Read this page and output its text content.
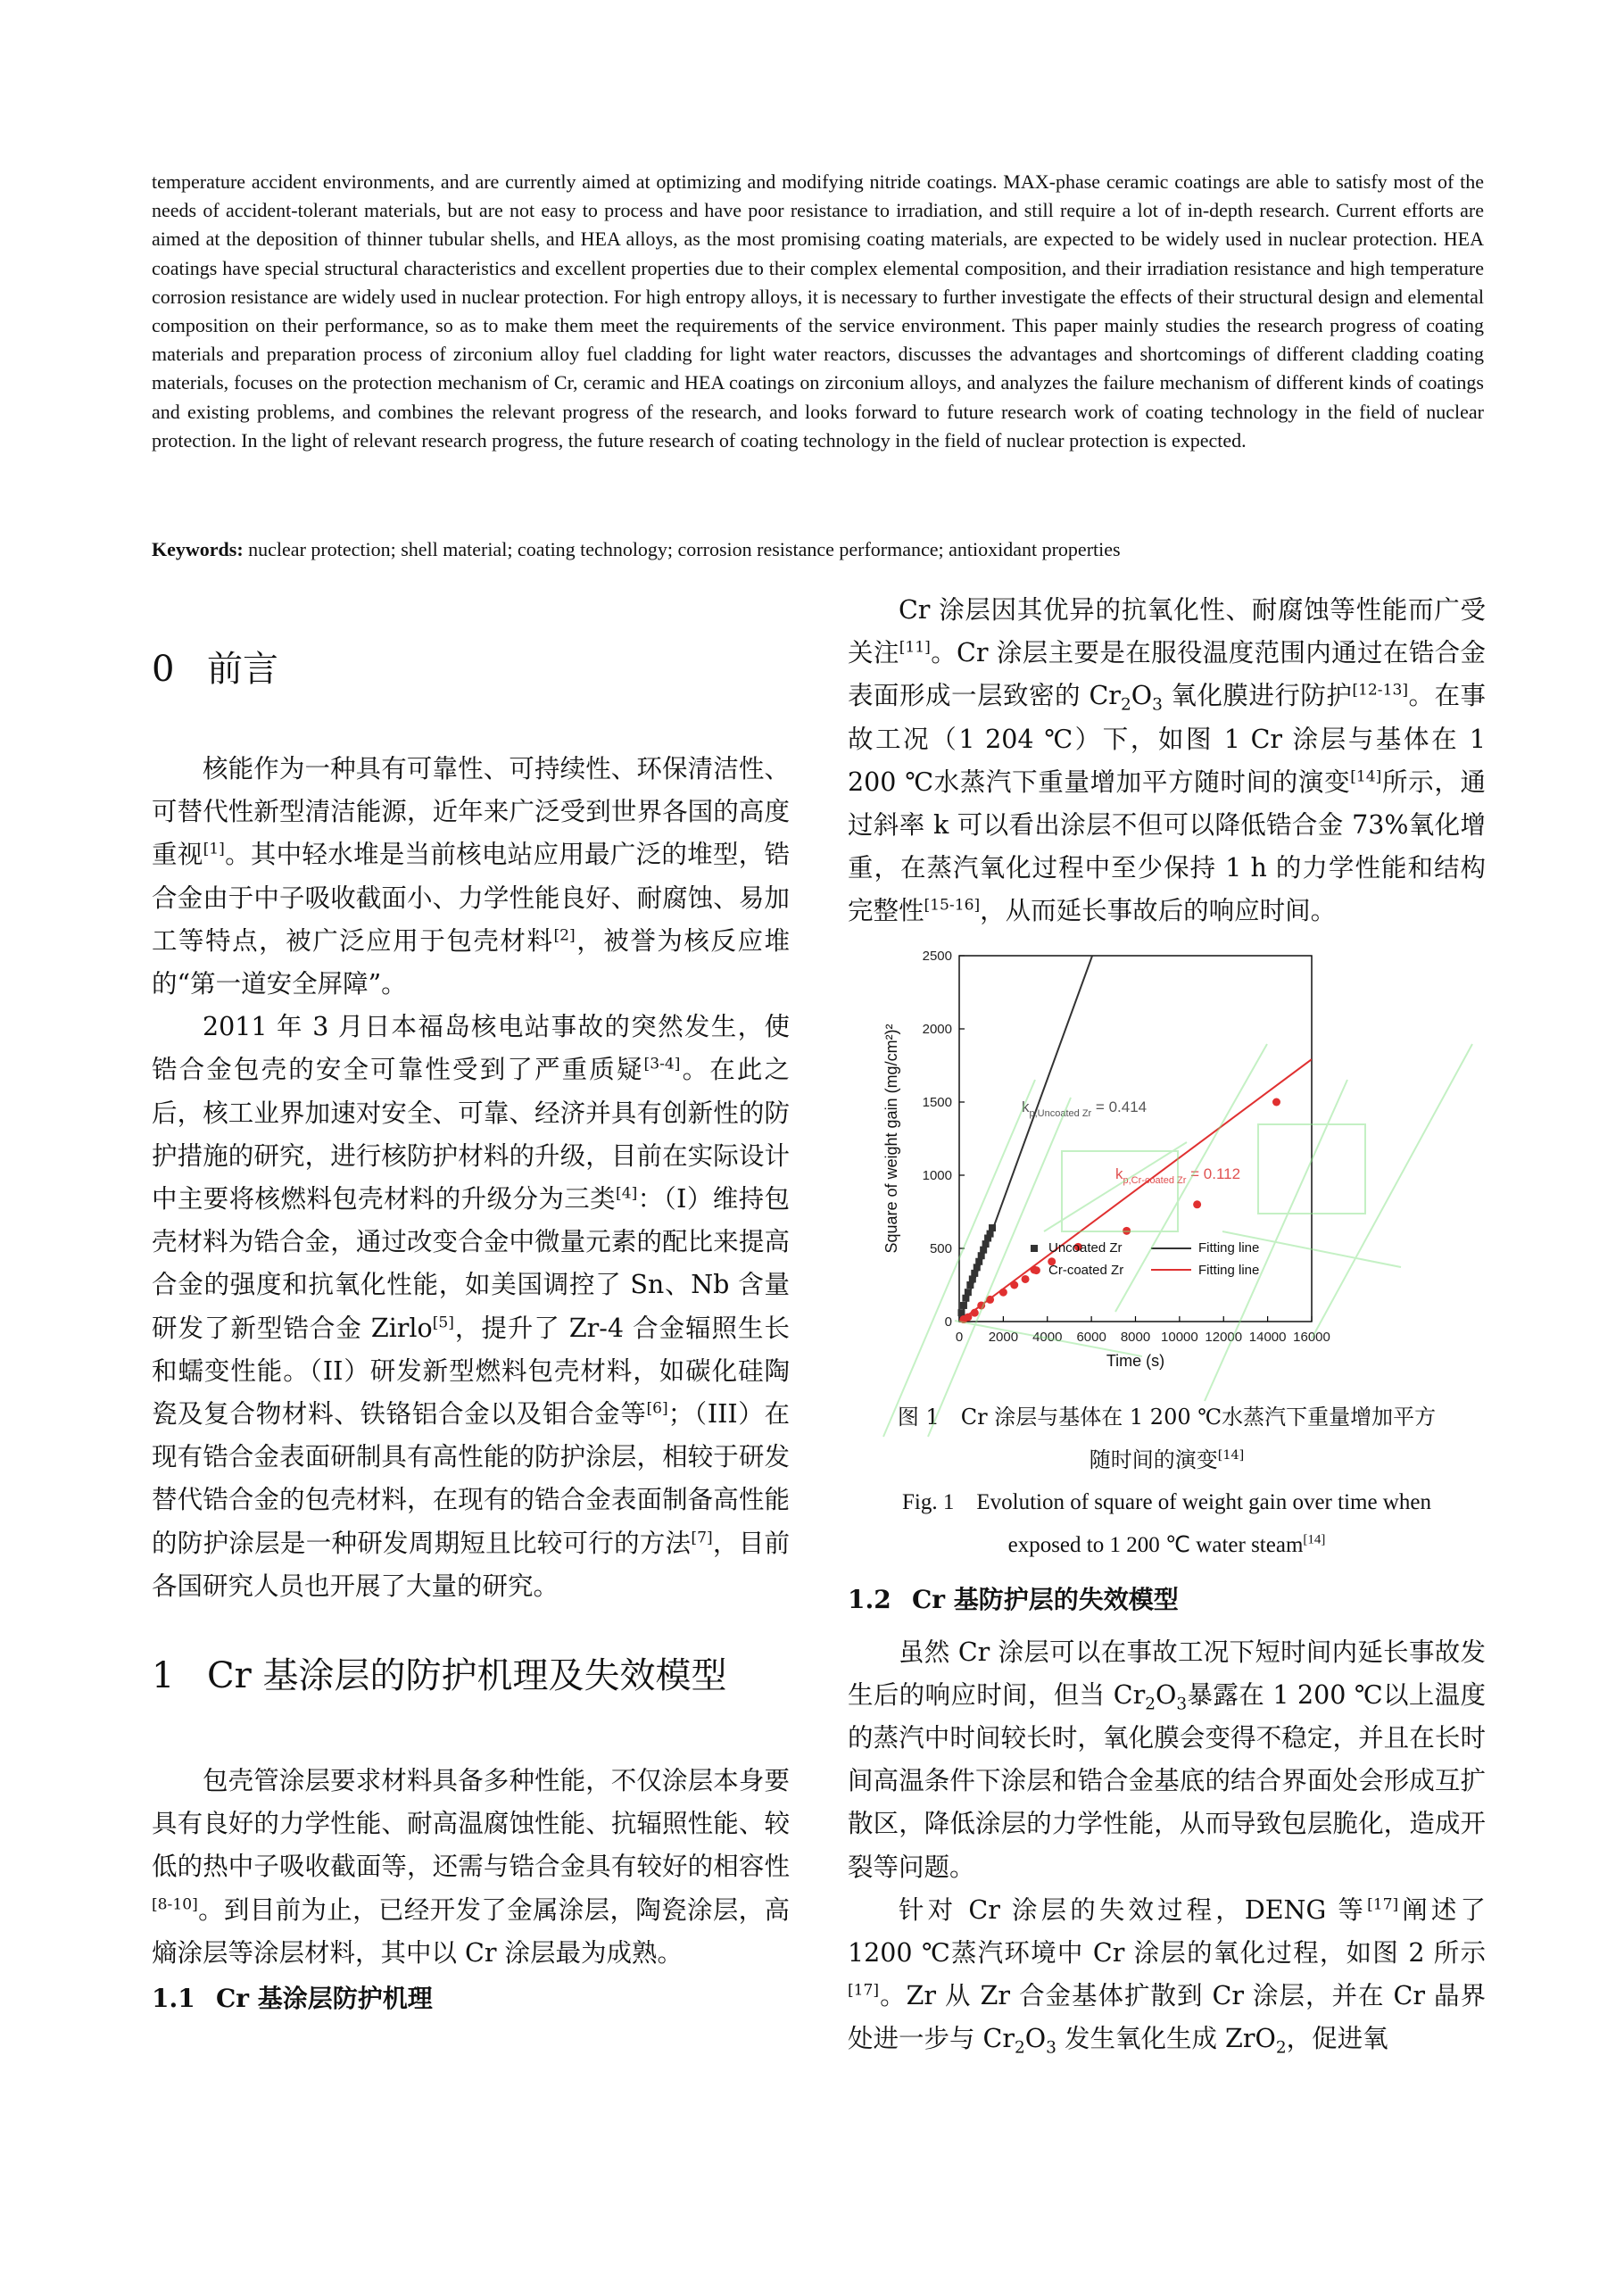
temperature accident environments, and are currently aimed at optimizing and modifying nitride coatings. MAX-phase ceramic coatings are able to satisfy most of the needs of accident-tolerant materials, but are not easy to process and have poor resistance to irradiation, and still require a lot of in-depth research. Current efforts are aimed at the deposition of thinner tubular shells, and HEA alloys, as the most promising coating materials, are expected to be widely used in nuclear protection. HEA coatings have special structural characteristics and excellent properties due to their complex elemental composition, and their irradiation resistance and high temperature corrosion resistance are widely used in nuclear protection. For high entropy alloys, it is necessary to further investigate the effects of their structural design and elemental composition on their performance, so as to make them meet the requirements of the service environment. This paper mainly studies the research progress of coating materials and preparation process of zirconium alloy fuel cladding for light water reactors, discusses the advantages and shortcomings of different cladding coating materials, focuses on the protection mechanism of Cr, ceramic and HEA coatings on zirconium alloys, and analyzes the failure mechanism of different kinds of coatings and existing problems, and combines the relevant progress of the research, and looks forward to future research work of coating technology in the field of nuclear protection. In the light of relevant research progress, the future research of coating technology in the field of nuclear protection is expected.

Keywords: nuclear protection; shell material; coating technology; corrosion resistance performance; antioxidant properties

0 前言

核能作为一种具有可靠性、可持续性、环保清洁性、可替代性新型清洁能源，近年来广泛受到世界各国的高度重视[1]。其中轻水堆是当前核电站应用最广泛的堆型，锆合金由于中子吸收截面小、力学性能良好、耐腐蚀、易加工等特点，被广泛应用于包壳材料[2]，被誉为核反应堆的“第一道安全屏障”。

2011 年 3 月日本福岛核电站事故的突然发生，使锆合金包壳的安全可靠性受到了严重质疑[3-4]。在此之后，核工业界加速对安全、可靠、经济并具有创新性的防护措施的研究，进行核防护材料的升级，目前在实际设计中主要将核燃料包壳材料的升级分为三类[4]：（I）维持包壳材料为锆合金，通过改变合金中微量元素的配比来提高合金的强度和抗氧化性能，如美国调控了 Sn、Nb 含量研发了新型锆合金 Zirlo[5]，提升了 Zr-4 合金辐照生长和蠕变性能。（II）研发新型燃料包壳材料，如碳化硅陶瓷及复合物材料、铁铬铝合金以及钼合金等[6]；（III）在现有锆合金表面研制具有高性能的防护涂层，相较于研发替代锆合金的包壳材料，在现有的锆合金表面制备高性能的防护涂层是一种研发周期短且比较可行的方法[7]，目前各国研究人员也开展了大量的研究。

1 Cr 基涂层的防护机理及失效模型

包壳管涂层要求材料具备多种性能，不仅涂层本身要具有良好的力学性能、耐高温腐蚀性能、抗辐照性能、较低的热中子吸收截面等，还需与锆合金具有较好的相容性[8-10]。到目前为止，已经开发了金属涂层，陶瓷涂层，高熵涂层等涂层材料，其中以 Cr 涂层最为成熟。

1.1 Cr 基涂层防护机理

Cr 涂层因其优异的抗氧化性、耐腐蚀等性能而广受关注[11]。Cr 涂层主要是在服役温度范围内通过在锆合金表面形成一层致密的 $Cr_2O_3$ 氧化膜进行防护[12-13]。在事故工况（1 204 ℃）下，如图 1 Cr 涂层与基体在 1 200 ℃水蒸汽下重量增加平方随时间的演变[14]所示，通过斜率 k 可以看出涂层不但可以降低锆合金 73%氧化增重，在蒸汽氧化过程中至少保持 1 h 的力学性能和结构完整性[15-16]，从而延长事故后的响应时间。

0 2000 4000 6000 8000 10000 12000 14000 16000
0
500
1000
1500
2000
2500
Time (s)
Square of weight gain (mg/cm²)²	$k_{p,Uncoated Zr} = 0.414$
$k_{p,Cr-coated Zr} = 0.112$
Uncoated Zr	Fitting line
Cr-coated Zr	Fitting line

图 1　Cr 涂层与基体在 1 200 ℃水蒸汽下重量增加平方
随时间的演变[14]

Fig. 1　Evolution of square of weight gain over time when
exposed to 1 200 ℃ water steam[14]

1.2 Cr 基防护层的失效模型

虽然 Cr 涂层可以在事故工况下短时间内延长事故发生后的响应时间，但当 $Cr_2O_3$暴露在 1 200 ℃以上温度的蒸汽中时间较长时，氧化膜会变得不稳定，并且在长时间高温条件下涂层和锆合金基底的结合界面处会形成互扩散区，降低涂层的力学性能，从而导致包层脆化，造成开裂等问题。

针对 Cr 涂层的失效过程，DENG 等[17]阐述了 1200 ℃蒸汽环境中 Cr 涂层的氧化过程，如图 2 所示[17]。Zr 从 Zr 合金基体扩散到 Cr 涂层，并在 Cr 晶界处进一步与 $Cr_2O_3$ 发生氧化生成 ZrO$_2$，促进氧
